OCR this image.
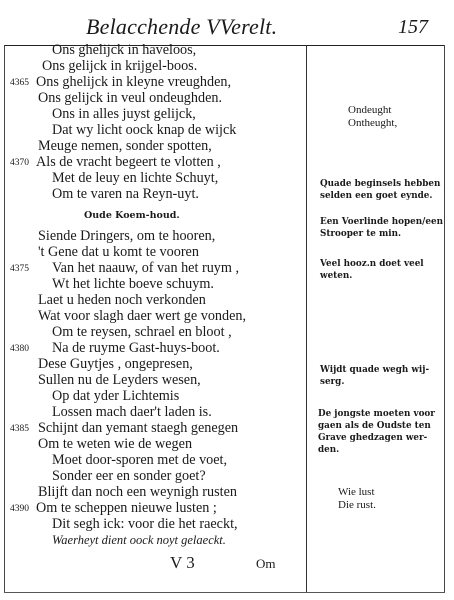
Belacchende VVerelt.	157
Ons ghelijck in haveloos,
Ons gelijck in krijgel-boos.
4365 Ons ghelijck in kleyne vreughden,
Ons gelijck in veul ondeughden.
Ons in alles juyst gelijck,
Dat wy licht oock knap de wijck
Meuge nemen, sonder spotten,
4370 Als de vracht begeert te vlotten ,
Met de leuy en lichte Schuyt,
Om te varen na Reyn-uyt.
Oude Koem-houd.
Siende Dringers, om te hooren,
't Gene dat u komt te vooren
4375	Van het naauw, of van het ruym ,
Wt het lichte boeve schuym.
Laet u heden noch verkonden
Wat voor slagh daer wert ge vonden,
Om te reysen, schrael en bloot ,
4380	Na de ruyme Gast-huys-boot.
Dese Guytjes , ongepresen,
Sullen nu de Leyders wesen,
Op dat yder Lichtemis
Lossen mach daer't laden is.
4385 Schijnt dan yemant staegh genegen
Om te weten wie de wegen
Moet door-sporen met de voet,
Sonder eer en sonder goet?
Blijft dan noch een weynigh rusten
4390 Om te scheppen nieuwe lusten ;
Dit segh ick: voor die het raeckt,
Waerheyt dient oock noyt gelaeckt.
Ondeught
Ontheught,
Quade beginsels hebben
selden een goet eynde.
Een Voerlinde hopen/een
Strooper te min.
Veel hooz.n doet veel
weten.
Wijdt quade wegh wij-
serg.
De jongste moeten voor
gaen als de Oudste ten
Grave ghedzagen wer-
den.
Wie lust
Die rust.
V 3	Om
